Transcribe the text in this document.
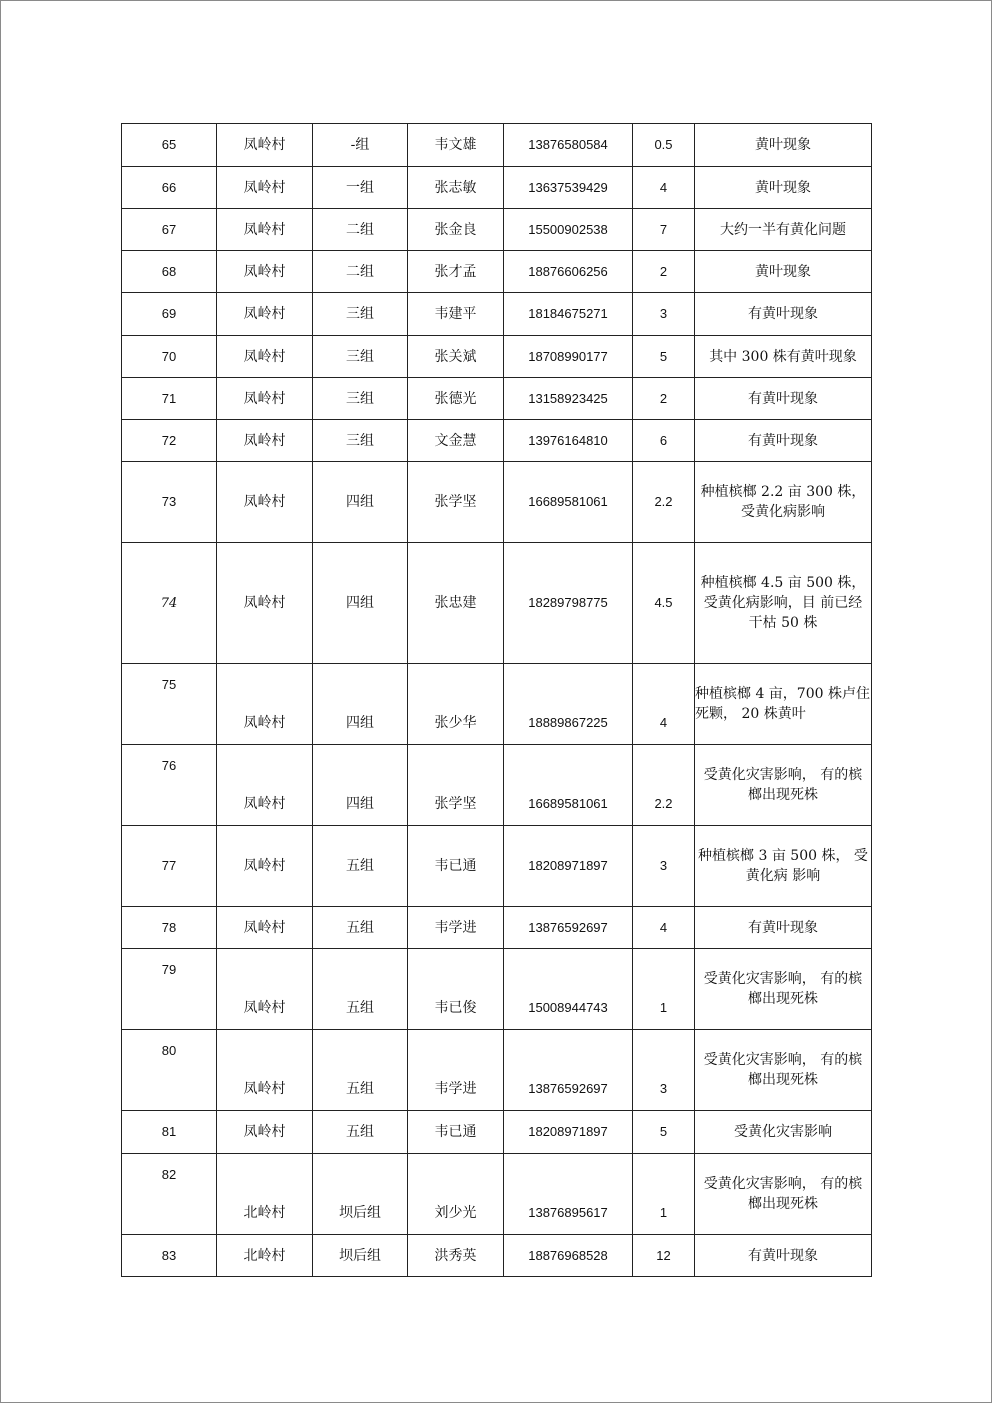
65	凤岭村	-组	韦文雄	13876580584	0.5	黄叶现象

66	凤岭村	一组	张志敏	13637539429	4	黄叶现象

67	凤岭村	二组	张金良	15500902538	7	大约一半有黄化问题

68	凤岭村	二组	张才孟	18876606256	2	黄叶现象

69	凤岭村	三组	韦建平	18184675271	3	有黄叶现象

70	凤岭村	三组	张关斌	18708990177	5	其中 300 株有黄叶现象

71	凤岭村	三组	张德光	13158923425	2	有黄叶现象

72	凤岭村	三组	文金慧	13976164810	6	有黄叶现象

73	凤岭村	四组	张学坚	16689581061	2.2	种植槟榔 2.2 亩 300 株，
受黄化病影响

74	凤岭村	四组	张忠建	18289798775	4.5	种植槟榔 4.5 亩 500 株，
受黄化病影响，目 前已经
干枯 50 株

75	凤岭村	四组	张少华	18889867225	4	种植槟榔 4 亩，700 株卢住
死颗， 20 株黄叶

76	凤岭村	四组	张学坚	16689581061	2.2	受黄化灾害影响， 有的槟
榔出现死株

77	凤岭村	五组	韦已通	18208971897	3	种植槟榔 3 亩 500 株， 受
黄化病 影响

78	凤岭村	五组	韦学进	13876592697	4	有黄叶现象

79	凤岭村	五组	韦已俊	15008944743	1	受黄化灾害影响， 有的槟
榔出现死株

80	凤岭村	五组	韦学进	13876592697	3	受黄化灾害影响， 有的槟
榔出现死株

81	凤岭村	五组	韦已通	18208971897	5	受黄化灾害影响

82	北岭村	坝后组	刘少光	13876895617	1	受黄化灾害影响， 有的槟
榔出现死株

83	北岭村	坝后组	洪秀英	18876968528	12	有黄叶现象
